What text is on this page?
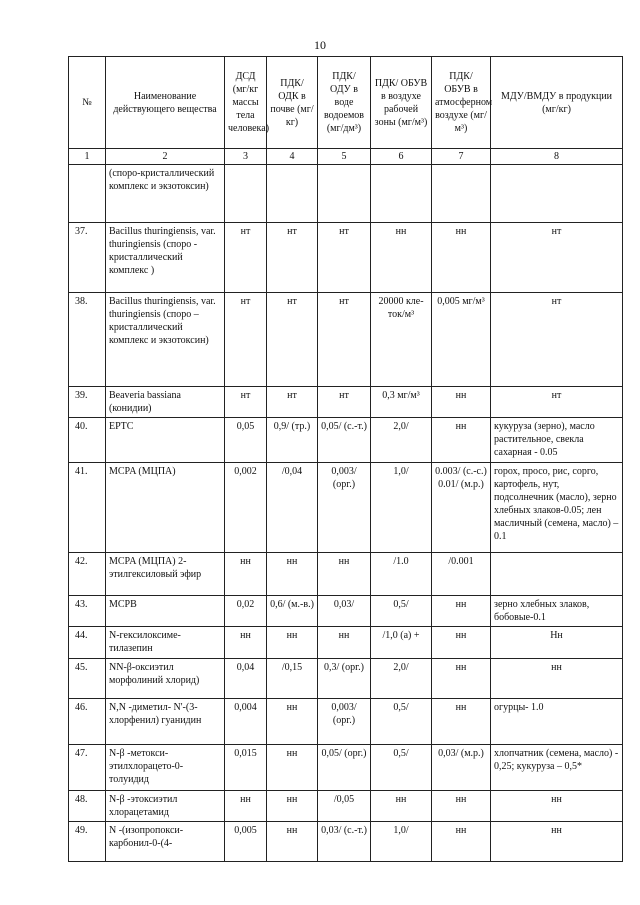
10
№	Наименование действующего вещества	ДСД (мг/кг массы тела человека)	ПДК/ ОДК в почве (мг/кг)	ПДК/ ОДУ в воде водоемов (мг/дм³)	ПДК/ ОБУВ в воздухе рабочей зоны (мг/м³)	ПДК/ ОБУВ в атмосферном воздухе (мг/м³)	МДУ/ВМДУ в продукции (мг/кг)
1	2	3	4	5	6	7	8
	(споро-кристаллический комплекс и экзотоксин)						
37.	Bacillus thuringiensis, var. thuringiensis (споро - кристаллический комплекс )	нт	нт	нт	нн	нн	нт
38.	Bacillus thuringiensis, var. thuringiensis (споро – кристаллический комплекс и экзотоксин)	нт	нт	нт	20000 кле-ток/м³	0,005 мг/м³	нт
39.	Beaveria bassiana (конидии)	нт	нт	нт	0,3 мг/м³	нн	нт
40.	EPTC	0,05	0,9/ (тр.)	0,05/ (с.-т.)	2,0/	нн	кукуруза (зерно), масло растительное, свекла сахарная - 0.05
41.	MCPA (МЦПА)	0,002	/0,04	0,003/ (орг.)	1,0/	0.003/ (с.-с.) 0.01/ (м.р.)	горох, просо, рис, сорго, картофель, нут, подсолнечник (масло), зерно хлебных злаков-0.05; лен масличный (семена, масло) – 0.1
42.	MCPA (МЦПА) 2-этилгексиловый эфир	нн	нн	нн	/1.0	/0.001	
43.	MCPB	0,02	0,6/ (м.-в.)	0,03/	0,5/	нн	зерно хлебных злаков, бобовые-0.1
44.	N-гексилоксиме-тилазепин	нн	нн	нн	/1,0 (а) +	нн	Нн
45.	NN-β-оксиэтил морфолиний хлорид)	0,04	/0,15	0,3/ (орг.)	2,0/	нн	нн
46.	N,N -диметил- N'-(3-хлорфенил) гуанидин	0,004	нн	0,003/ (орг.)	0,5/	нн	огурцы- 1.0
47.	N-β -метокси-этилхлорацето-0-толуидид	0,015	нн	0,05/ (орг.)	0,5/	0,03/ (м.р.)	хлопчатник (семена, масло) - 0,25; кукуруза – 0,5*
48.	N-β -этоксиэтил хлорацетамид	нн	нн	/0,05	нн	нн	нн
49.	N -(изопропокси-карбонил-0-(4-	0,005	нн	0,03/ (с.-т.)	1,0/	нн	нн
